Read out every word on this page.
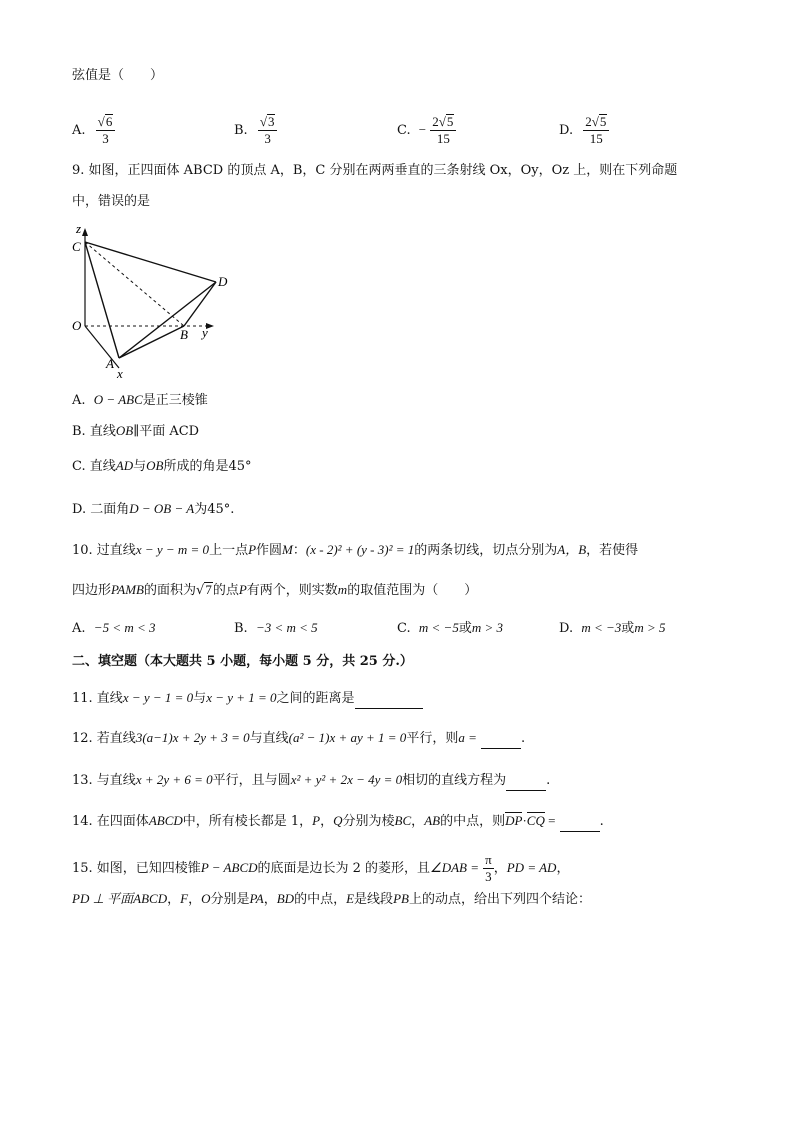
弦值是（　　）
A. $\frac{√6}{3}$	B. $\frac{√3}{3}$	C. − $\frac{2√5}{15}$	D. $\frac{2√5}{15}$
9. 如图，正四面体 ABCD 的顶点 A，B，C 分别在两两垂直的三条射线 Ox，Oy，Oz 上，则在下列命题
中，错误的是
z
C
D
O
B y
A
x
A. O − ABC是正三棱锥
B. 直线OB∥平面 ACD
C. 直线AD与OB所成的角是45°
D. 二面角D − OB − A为45°.
10. 过直线x − y − m = 0上一点P作圆M：(x - 2)² + (y - 3)² = 1的两条切线，切点分别为A，B，若使得
四边形PAMB的面积为√7的点P有两个，则实数m的取值范围为（　　）
A. −5 < m < 3	B. −3 < m < 5	C. m < −5或m > 3	D. m < −3或m > 5
二、填空题（本大题共 5 小题，每小题 5 分，共 25 分.）
11. 直线x − y − 1 = 0与x − y + 1 = 0之间的距离是
12. 若直线3(a−1)x + 2y + 3 = 0与直线(a² − 1)x + ay + 1 = 0平行，则a =	.
13. 与直线x + 2y + 6 = 0平行，且与圆x² + y² + 2x − 4y = 0相切的直线方程为	.
14. 在四面体ABCD中，所有棱长都是 1，P，Q分别为棱BC，AB的中点，则DP·CQ =	.
15. 如图，已知四棱锥P − ABCD的底面是边长为 2 的菱形，且∠DAB = $\frac{\pi}{3}$ ，PD = AD，
PD ⊥ 平面ABCD，F，O分别是PA，BD的中点，E是线段PB上的动点，给出下列四个结论：
